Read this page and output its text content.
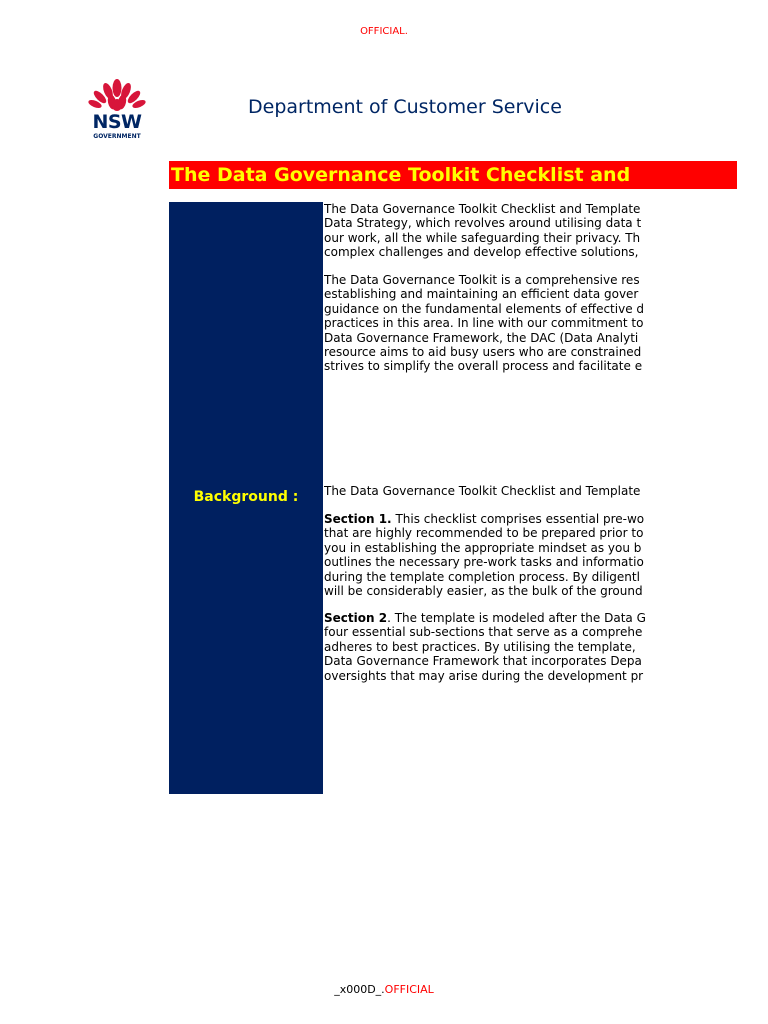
OFFICIAL.
NSW
GOVERNMENT
Department of Customer Service
The Data Governance Toolkit Checklist and
Background :
The Data Governance Toolkit Checklist and Template
Data Strategy, which revolves around utilising data t
our work, all the while safeguarding their privacy. Th
complex challenges and develop effective solutions,
The Data Governance Toolkit is a comprehensive res
establishing and maintaining an efficient data gover
guidance on the fundamental elements of effective d
practices in this area. In line with our commitment to
Data Governance Framework, the DAC (Data Analyti
resource aims to aid busy users who are constrained
strives to simplify the overall process and facilitate e
The Data Governance Toolkit Checklist and Template
Section 1. This checklist comprises essential pre-wo
that are highly recommended to be prepared prior to
you in establishing the appropriate mindset as you b
outlines the necessary pre-work tasks and informatio
during the template completion process. By diligentl
will be considerably easier, as the bulk of the ground
Section 2. The template is modeled after the Data G
four essential sub-sections that serve as a comprehe
adheres to best practices. By utilising the template,
Data Governance Framework that incorporates Depa
oversights that may arise during the development pr
_x000D_.OFFICIAL
